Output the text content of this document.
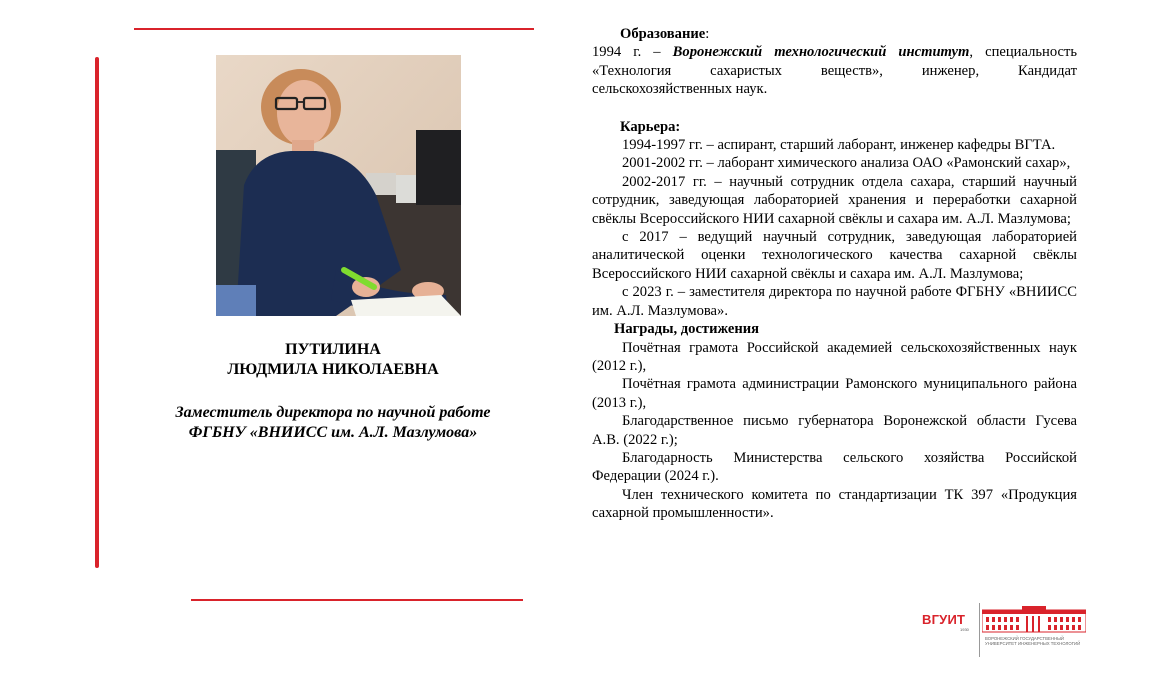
ПУТИЛИНА
ЛЮДМИЛА НИКОЛАЕВНА
Заместитель директора по научной работе
ФГБНУ «ВНИИСС им. А.Л. Мазлумова»

Образование:

1994 г. – Воронежский технологический институт, специальность «Технология сахаристых веществ», инженер, Кандидат сельскохозяйственных наук.

Карьера:

1994-1997 гг. – аспирант, старший лаборант, инженер кафедры ВГТА.

2001-2002 гг. – лаборант химического анализа ОАО «Рамонский сахар»,

2002-2017 гг. – научный сотрудник отдела сахара, старший научный сотрудник, заведующая лабораторией хранения и переработки сахарной свёклы Всероссийского НИИ сахарной свёклы и сахара им. А.Л. Мазлумова;

с 2017 – ведущий научный сотрудник, заведующая лабораторией аналитической оценки технологического качества сахарной свёклы Всероссийского НИИ сахарной свёклы и сахара им. А.Л. Мазлумова;

с 2023 г. – заместителя директора по научной работе ФГБНУ «ВНИИСС им. А.Л. Мазлумова».

Награды, достижения

Почётная грамота Российской академией сельскохозяйственных наук (2012 г.),

Почётная грамота администрации Рамонского муниципального района (2013 г.),

Благодарственное письмо губернатора Воронежской области Гусева А.В. (2022 г.);

Благодарность Министерства сельского хозяйства Российской Федерации (2024 г.).

Член технического комитета по стандартизации ТК 397 «Продукция сахарной промышленности».

ВГУИТ
1930
ВОРОНЕЖСКИЙ ГОСУДАРСТВЕННЫЙ УНИВЕРСИТЕТ ИНЖЕНЕРНЫХ ТЕХНОЛОГИЙ
